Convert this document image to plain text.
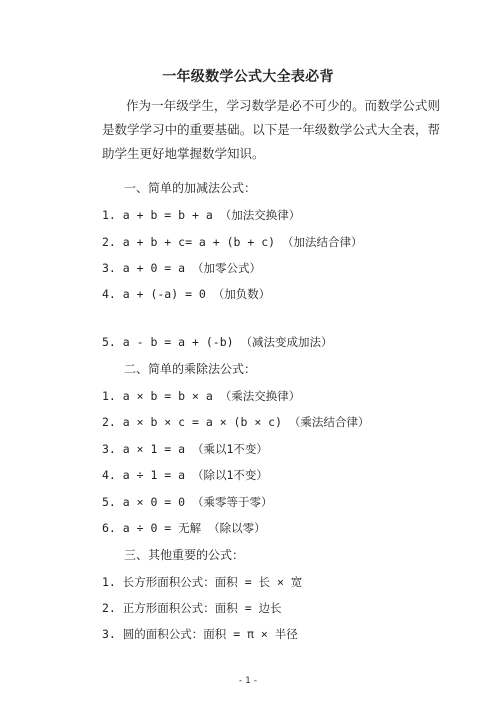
一年级数学公式大全表必背
作为一年级学生，学习数学是必不可少的。而数学公式则是数学学习中的重要基础。以下是一年级数学公式大全表，帮助学生更好地掌握数学知识。
一、简单的加减法公式：
1. a + b = b + a （加法交换律）
2. a + b + c= a + (b + c) （加法结合律）
3. a + 0 = a （加零公式）
4. a + (-a) = 0 （加负数）
5. a - b = a + (-b) （减法变成加法）
二、简单的乘除法公式：
1. a × b = b × a （乘法交换律）
2. a × b × c = a × (b × c) （乘法结合律）
3. a × 1 = a （乘以1不变）
4. a ÷ 1 = a （除以1不变）
5. a × 0 = 0 （乘零等于零）
6. a ÷ 0 = 无解 （除以零）
三、其他重要的公式：
1. 长方形面积公式：面积 = 长 × 宽
2. 正方形面积公式：面积 = 边长
3. 圆的面积公式：面积 = π × 半径
- 1 -
